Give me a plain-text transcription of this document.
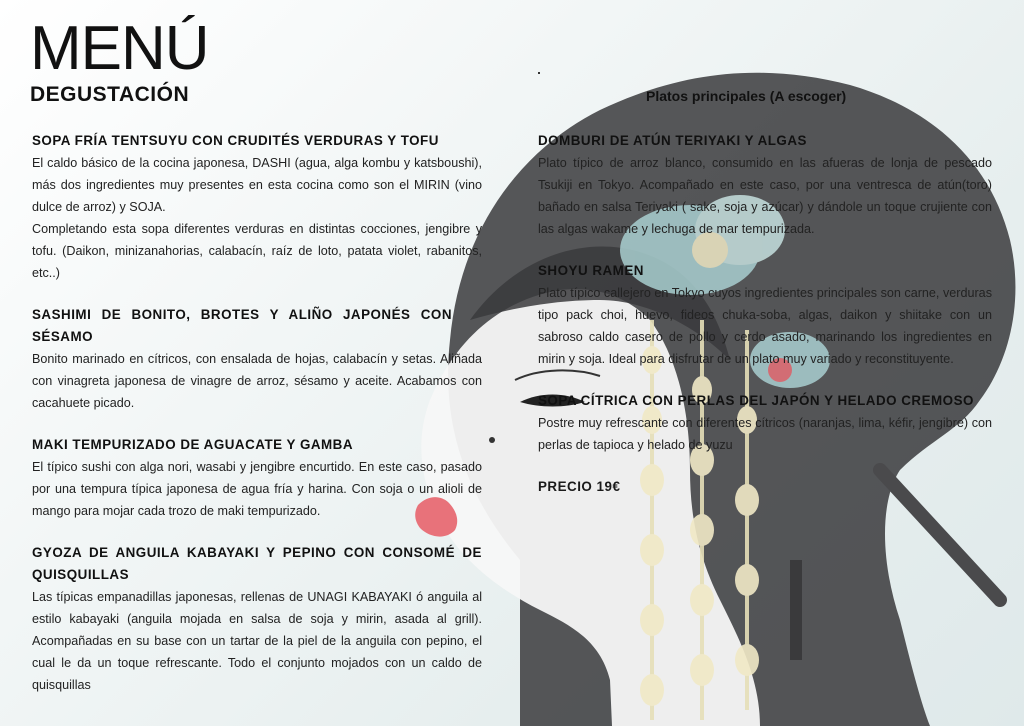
MENÚ
DEGUSTACIÓN	Platos principales (A escoger)

SOPA FRÍA TENTSUYU CON CRUDITÉS VERDURAS Y TOFU

El caldo básico de la cocina japonesa, DASHI (agua, alga kombu y katsboushi), más dos ingredientes muy presentes en esta cocina como son el MIRIN (vino dulce de arroz) y SOJA.
Completando esta sopa diferentes verduras en distintas cocciones, jengibre y tofu. (Daikon, minizanahorias, calabacín, raíz de loto, patata violet, rabanitos, etc..)

SASHIMI DE BONITO, BROTES Y ALIÑO JAPONÉS CON SÉSAMO

Bonito marinado en cítricos, con ensalada de hojas, calabacín y setas. Aliñada con vinagreta japonesa de vinagre de arroz, sésamo y aceite. Acabamos con cacahuete picado.

MAKI TEMPURIZADO DE AGUACATE Y GAMBA

El típico sushi con alga nori, wasabi y jengibre encurtido. En este caso, pasado por una tempura típica japonesa de agua fría y harina. Con soja o un alioli de mango para mojar cada trozo de maki tempurizado.

GYOZA DE ANGUILA KABAYAKI Y PEPINO CON CONSOMÉ DE QUISQUILLAS

Las típicas empanadillas japonesas, rellenas de UNAGI KABAYAKI ó anguila al estilo kabayaki (anguila mojada en salsa de soja y mirin, asada al grill). Acompañadas en su base con un tartar de la piel de la anguila con pepino, el cual le da un toque refrescante. Todo el conjunto mojados con un caldo de quisquillas

DOMBURI DE ATÚN TERIYAKI Y ALGAS

Plato típico de arroz blanco, consumido en las afueras de lonja de pescado Tsukiji en Tokyo. Acompañado en este caso, por una ventresca de atún(toro) bañado en salsa Teriyaki ( sake, soja y azúcar) y dándole un toque crujiente con las algas wakame y lechuga de mar tempurizada.

SHOYU RAMEN

Plato típico callejero en Tokyo cuyos ingredientes principales son carne, verduras tipo pack choi, huevo, fideos chuka-soba, algas, daikon y shiitake con un sabroso caldo casero de pollo y cerdo asado, marinando los ingredientes en mirin y soja. Ideal para disfrutar de un plato muy variado y reconstituyente.

SOPA CÍTRICA CON PERLAS DEL JAPÓN Y HELADO CREMOSO

Postre muy refrescante con diferentes cítricos (naranjas, lima, kéfir, jengibre) con perlas de tapioca y helado de yuzu

PRECIO 19€
